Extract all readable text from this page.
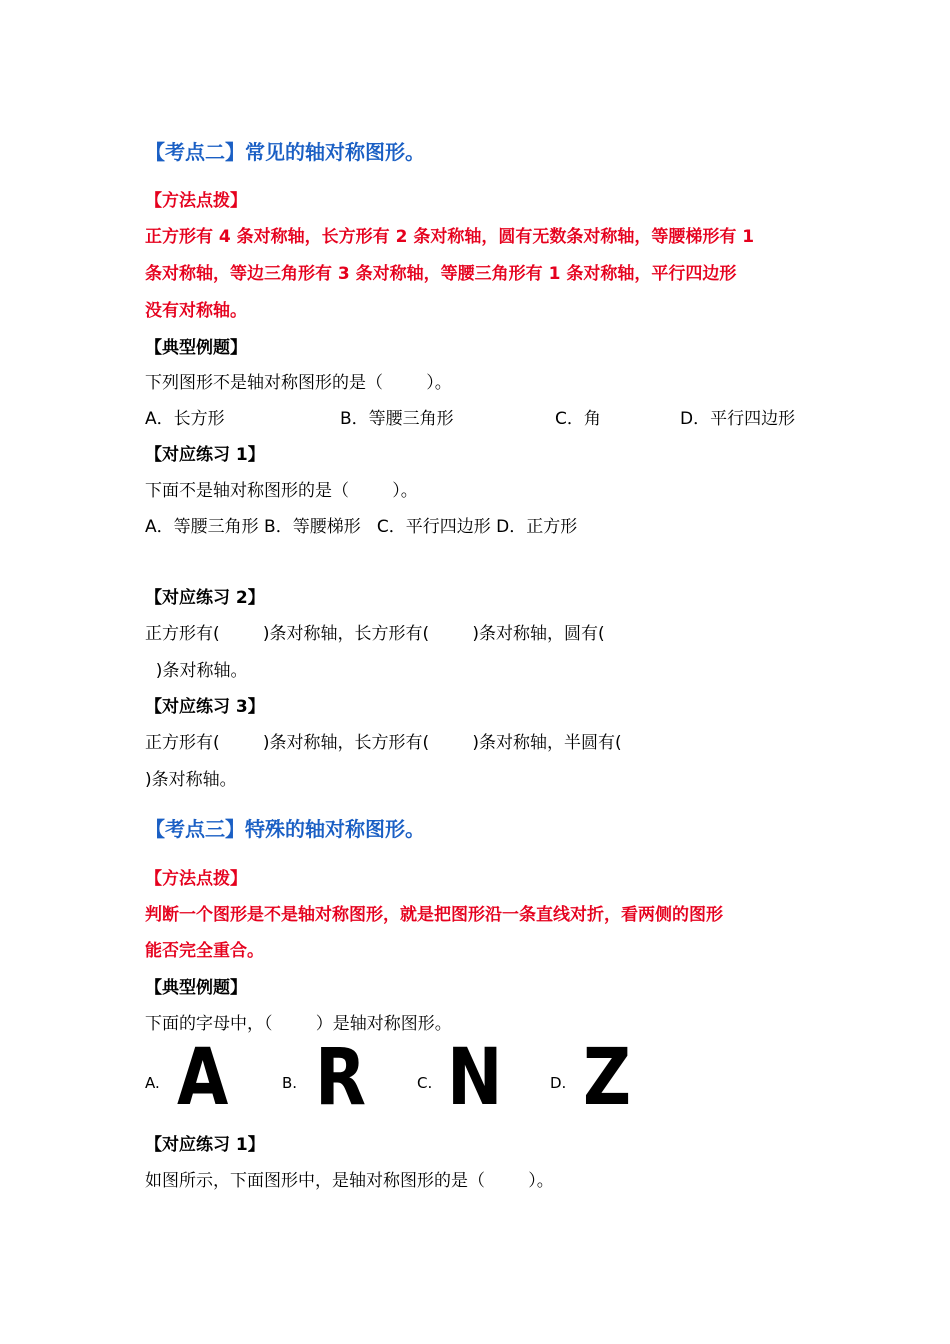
【考点二】常见的轴对称图形。
【方法点拨】
正方形有 4 条对称轴，长方形有 2 条对称轴，圆有无数条对称轴，等腰梯形有 1
条对称轴，等边三角形有 3 条对称轴，等腰三角形有 1 条对称轴，平行四边形
没有对称轴。
【典型例题】
下列图形不是轴对称图形的是（        ）。
A．长方形	B．等腰三角形	C．角	D．平行四边形
【对应练习 1】
下面不是轴对称图形的是（        ）。
A．等腰三角形 B．等腰梯形   C．平行四边形 D．正方形
【对应练习 2】
正方形有(        )条对称轴，长方形有(        )条对称轴，圆有(
)条对称轴。
【对应练习 3】
正方形有(        )条对称轴，长方形有(        )条对称轴，半圆有(
)条对称轴。
【考点三】特殊的轴对称图形。
【方法点拨】
判断一个图形是不是轴对称图形，就是把图形沿一条直线对折，看两侧的图形
能否完全重合。
【典型例题】
下面的字母中，（        ）是轴对称图形。
A. A	B. R	C. N	D. Z
【对应练习 1】
如图所示，下面图形中，是轴对称图形的是（        ）。
